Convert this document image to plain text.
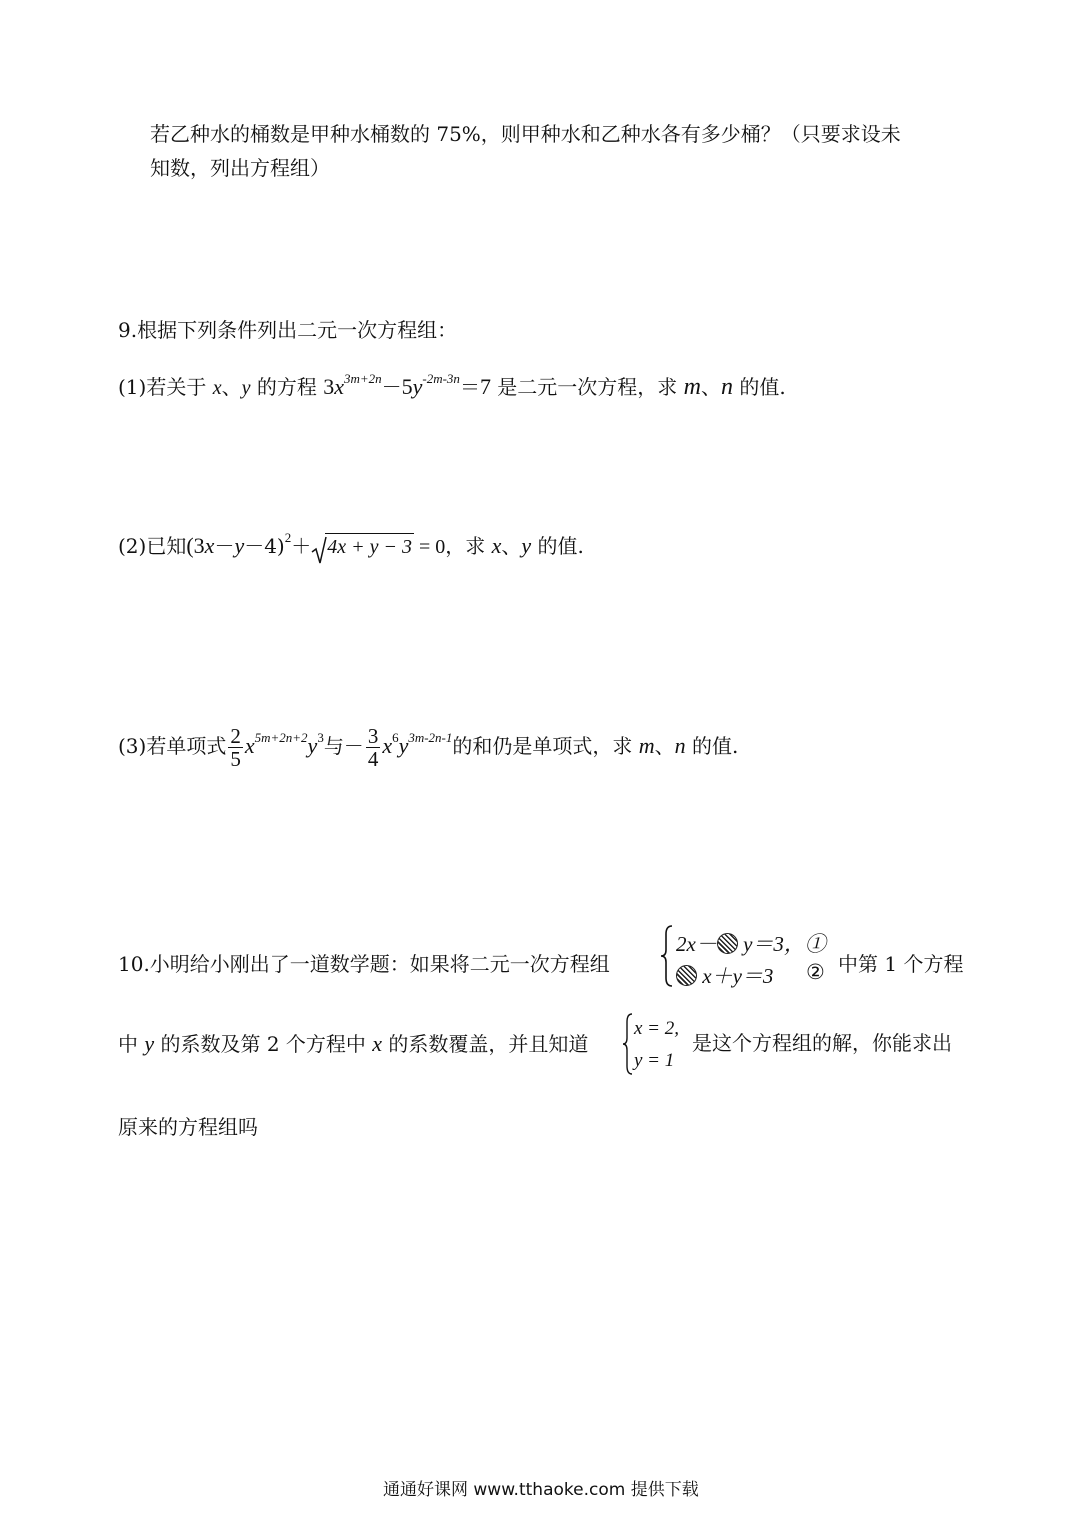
若乙种水的桶数是甲种水桶数的 75%，则甲种水和乙种水各有多少桶？（只要求设未
知数，列出方程组）
9.根据下列条件列出二元一次方程组：
(1)若关于 x、y 的方程 $3x^{3m+2n}-5y^{-2m-3n}=7$ 是二元一次方程，求 m、n 的值.
(2)已知$(3x-y-4)^2+ 4x + y - 3 = 0$，求 x、y 的值.
(3)若单项式 $\frac{2}{5} x^{5m+2n+2}y^3$与－ $\frac{3}{4} x^6y^{3m-2n-1}$的和仍是单项式，求 m、n 的值.
10.小明给小刚出了一道数学题：如果将二元一次方程组
2x－ y＝3，①
x＋y＝3 ② 中第 1 个方程
中 y 的系数及第 2 个方程中 x 的系数覆盖，并且知道
x = 2,
y = 1
是这个方程组的解，你能求出
原来的方程组吗
通通好课网 www.tthaoke.com 提供下载
